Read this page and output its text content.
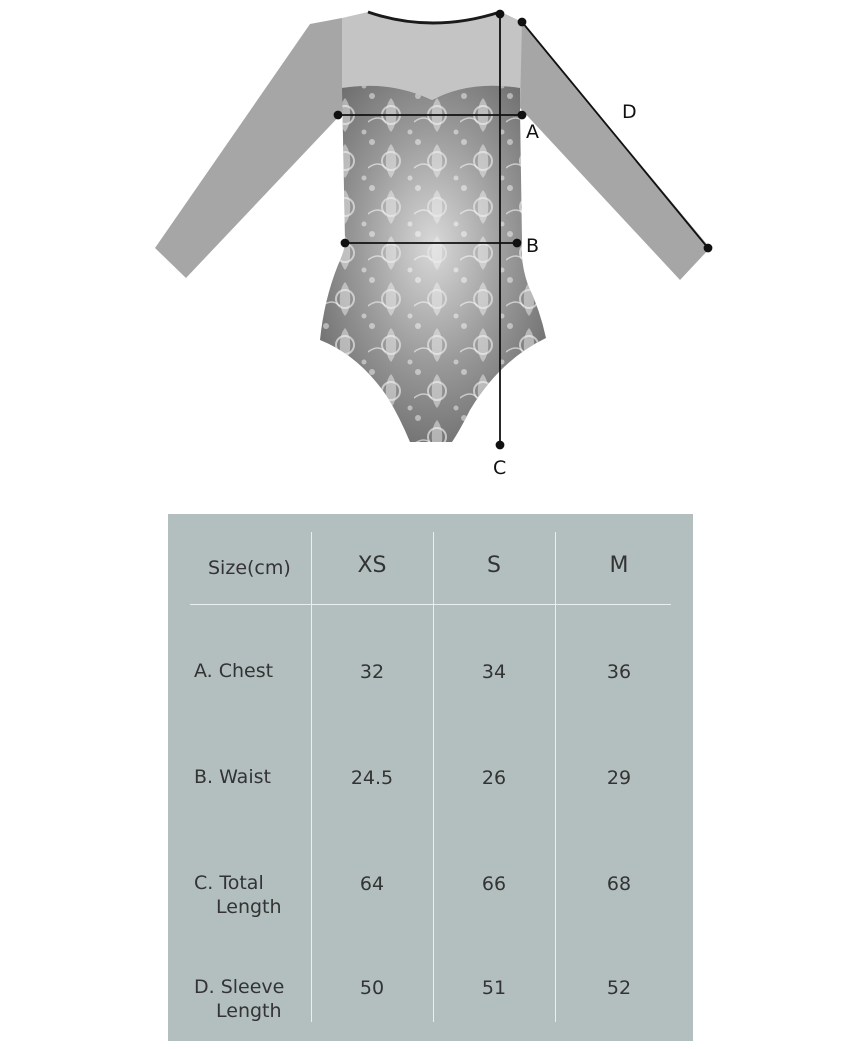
A
B
C
D
Size(cm)	XS	S	M
A. Chest	32	34	36
B. Waist	24.5	26	29
C. Total
Length
64	66	68
D. Sleeve
Length
50	51	52
